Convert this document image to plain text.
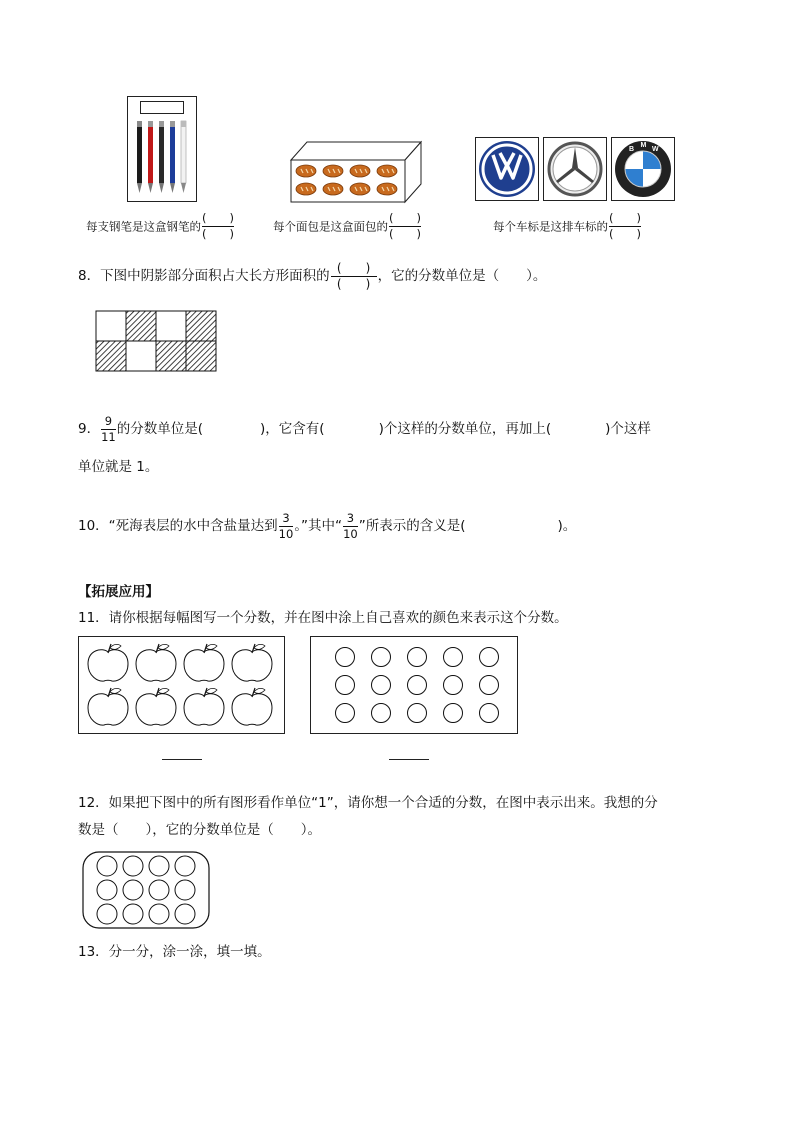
B
M
W
每支钢笔是这盒钢笔的 $\frac{( )}{( )}$	每个面包是这盒面包的 $\frac{( )}{( )}$	每个车标是这排车标的 $\frac{( )}{( )}$
8．下图中阴影部分面积占大长方形面积的 $\frac{( )}{( )}$ ，它的分数单位是（　　）。
9． $\frac{9}{11}$ 的分数单位是(	)，它含有(	)个这样的分数单位，再加上(	)个这样
单位就是 1。
10．“死海表层的水中含盐量达到 $\frac{3}{10}$ 。”其中“ $\frac{3}{10}$ ”所表示的含义是(	)。
【拓展应用】
11．请你根据每幅图写一个分数，并在图中涂上自己喜欢的颜色来表示这个分数。
12．如果把下图中的所有图形看作单位“1”，请你想一个合适的分数，在图中表示出来。我想的分
数是（　　），它的分数单位是（　　）。
13．分一分，涂一涂，填一填。
